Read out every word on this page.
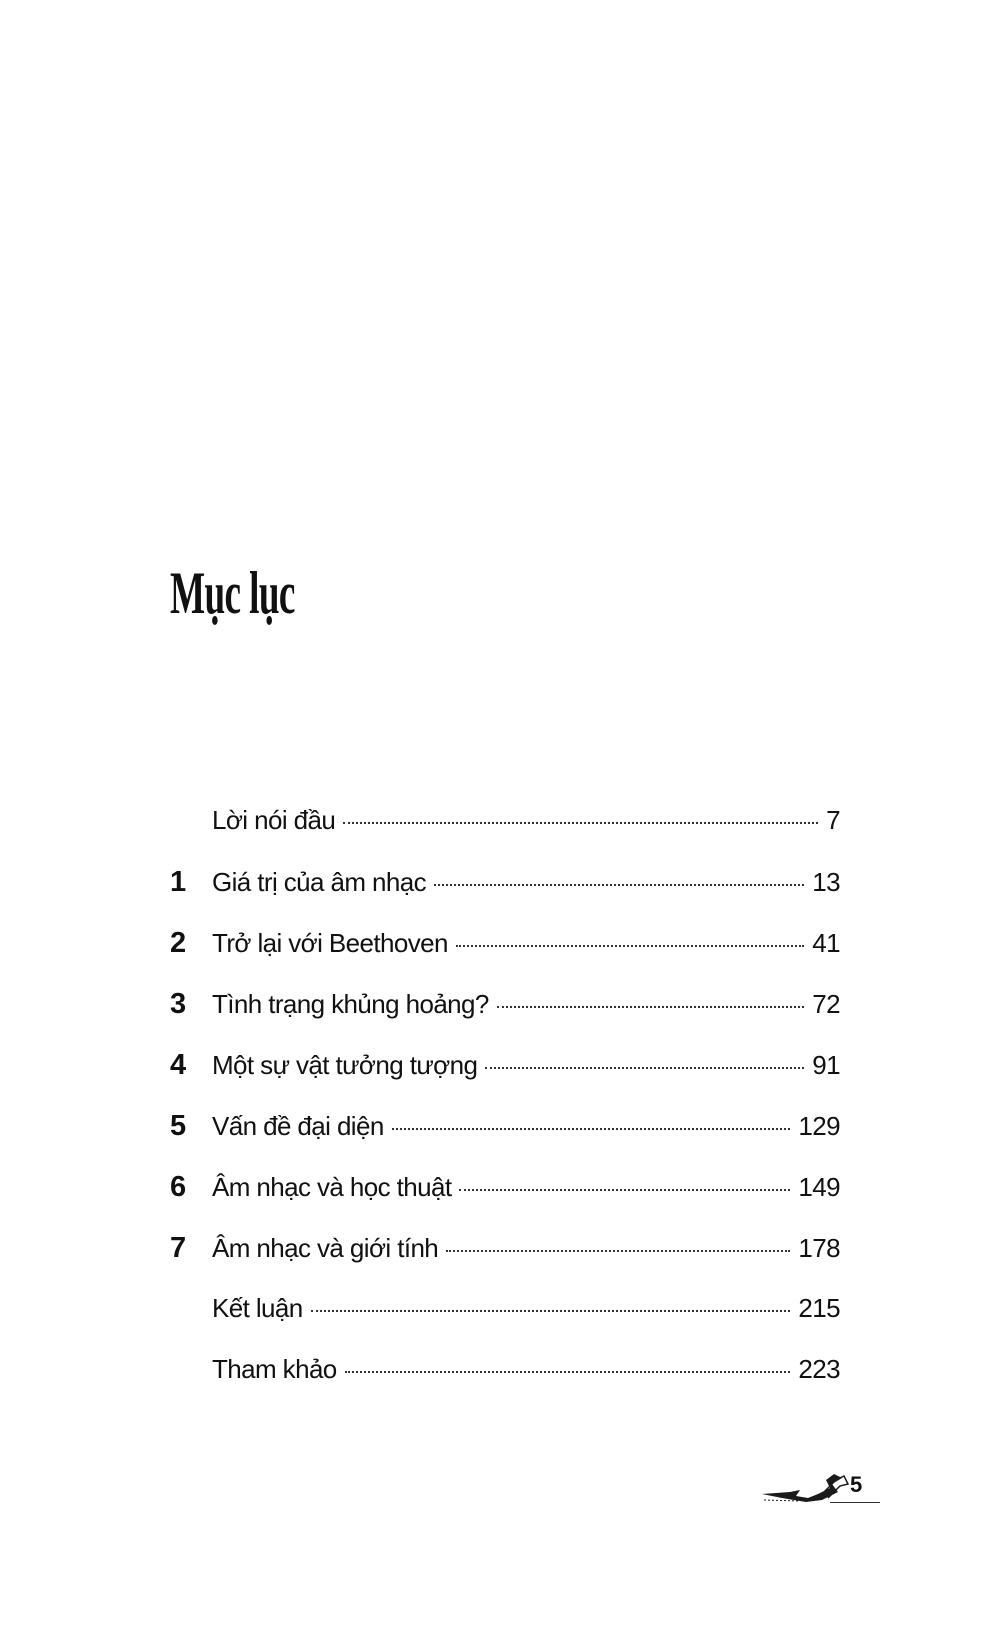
Mục lục
Lời nói đầu	7
1	Giá trị của âm nhạc	13
2	Trở lại với Beethoven	41
3	Tình trạng khủng hoảng?	72
4	Một sự vật tưởng tượng	91
5	Vấn đề đại diện	129
6	Âm nhạc và học thuật	149
7	Âm nhạc và giới tính	178
Kết luận	215
Tham khảo	223
5
